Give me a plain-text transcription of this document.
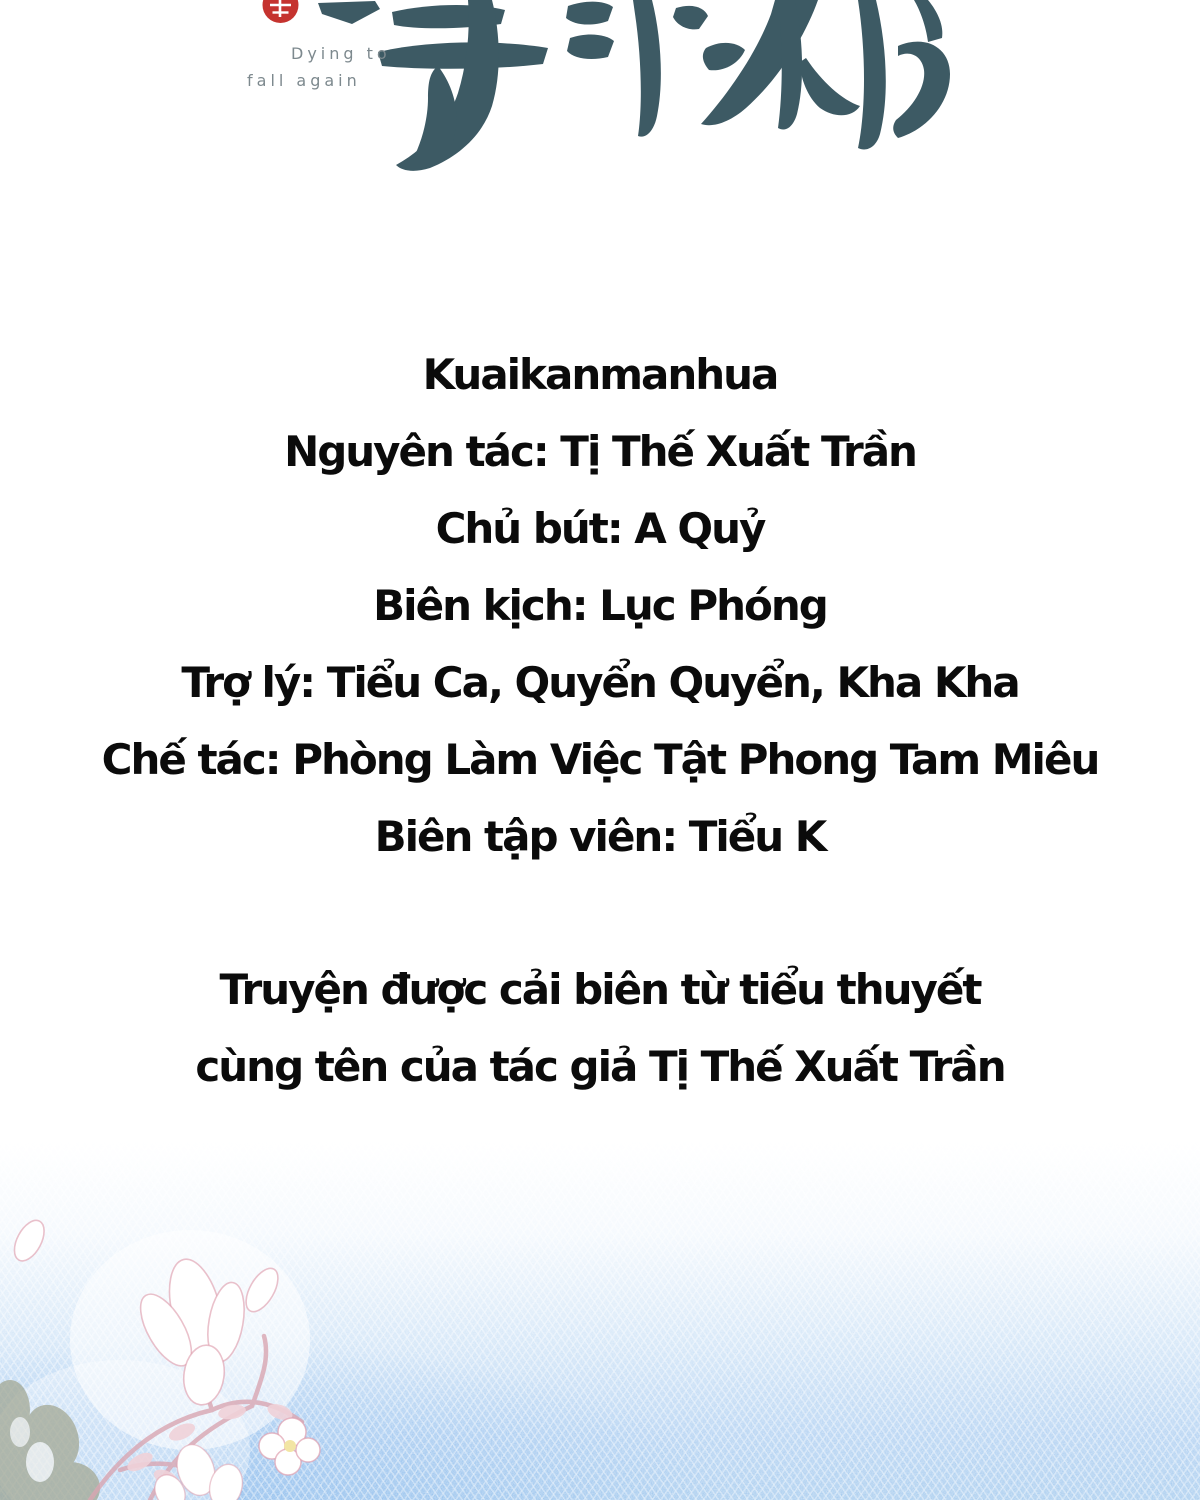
Dying to
fall again
Kuaikanmanhua
Nguyên tác: Tị Thế Xuất Trần
Chủ bút: A Quỷ
Biên kịch: Lục Phóng
Trợ lý: Tiểu Ca, Quyển Quyển, Kha Kha
Chế tác: Phòng Làm Việc Tật Phong Tam Miêu
Biên tập viên: Tiểu K
Truyện được cải biên từ tiểu thuyết
cùng tên của tác giả Tị Thế Xuất Trần
